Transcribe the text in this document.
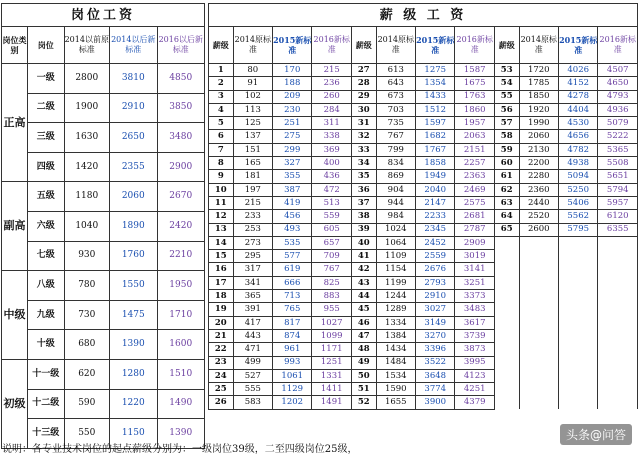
岗位工资				
岗位类别	岗位	2014以前原标准	2014以后新标准	2016以后新标准
正高	一级	2800	3810	4850
	二级	1900	2910	3850
	三级	1630	2650	3480
	四级	1420	2355	2900
副高	五级	1180	2060	2670
	六级	1040	1890	2420
	七级	930	1760	2210
中级	八级	780	1550	1950
	九级	730	1475	1710
	十级	680	1390	1600
初级	十一级	620	1280	1510
	十二级	590	1220	1490
	十三级	550	1150	1390
薪 级 工 资											
薪级	2014原标准	2015新标准	2016新标准	薪级	2014原标准	2015新标准	2016新标准	薪级	2014原标准	2015新标准	2016新标准
1	80	170	215	27	613	1275	1587	53	1720	4026	4507
2	91	188	236	28	643	1354	1675	54	1785	4152	4650
3	102	209	260	29	673	1433	1763	55	1850	4278	4793
4	113	230	284	30	703	1512	1860	56	1920	4404	4936
5	125	251	311	31	735	1597	1957	57	1990	4530	5079
6	137	275	338	32	767	1682	2063	58	2060	4656	5222
7	151	299	369	33	799	1767	2151	59	2130	4782	5365
8	165	327	400	34	834	1858	2257	60	2200	4938	5508
9	181	355	436	35	869	1949	2363	61	2280	5094	5651
10	197	387	472	36	904	2040	2469	62	2360	5250	5794
11	215	419	513	37	944	2147	2575	63	2440	5406	5957
12	233	456	559	38	984	2233	2681	64	2520	5562	6120
13	253	493	605	39	1024	2345	2787	65	2600	5795	6355
14	273	535	657	40	1064	2452	2909				
15	295	577	709	41	1109	2559	3019				
16	317	619	767	42	1154	2676	3141				
17	341	666	825	43	1199	2793	3251				
18	365	713	883	44	1244	2910	3373				
19	391	765	955	45	1289	3027	3483				
20	417	817	1027	46	1334	3149	3617				
21	443	874	1099	47	1384	3270	3739				
22	471	961	1171	48	1434	3396	3873				
23	499	993	1251	49	1484	3522	3995				
24	527	1061	1331	50	1534	3648	4123				
25	555	1129	1411	51	1590	3774	4251				
26	583	1202	1491	52	1655	3900	4379				
说明：各专业技术岗位的起点薪级分别为：一级岗位39级，二至四级岗位25级，
头条@问答
